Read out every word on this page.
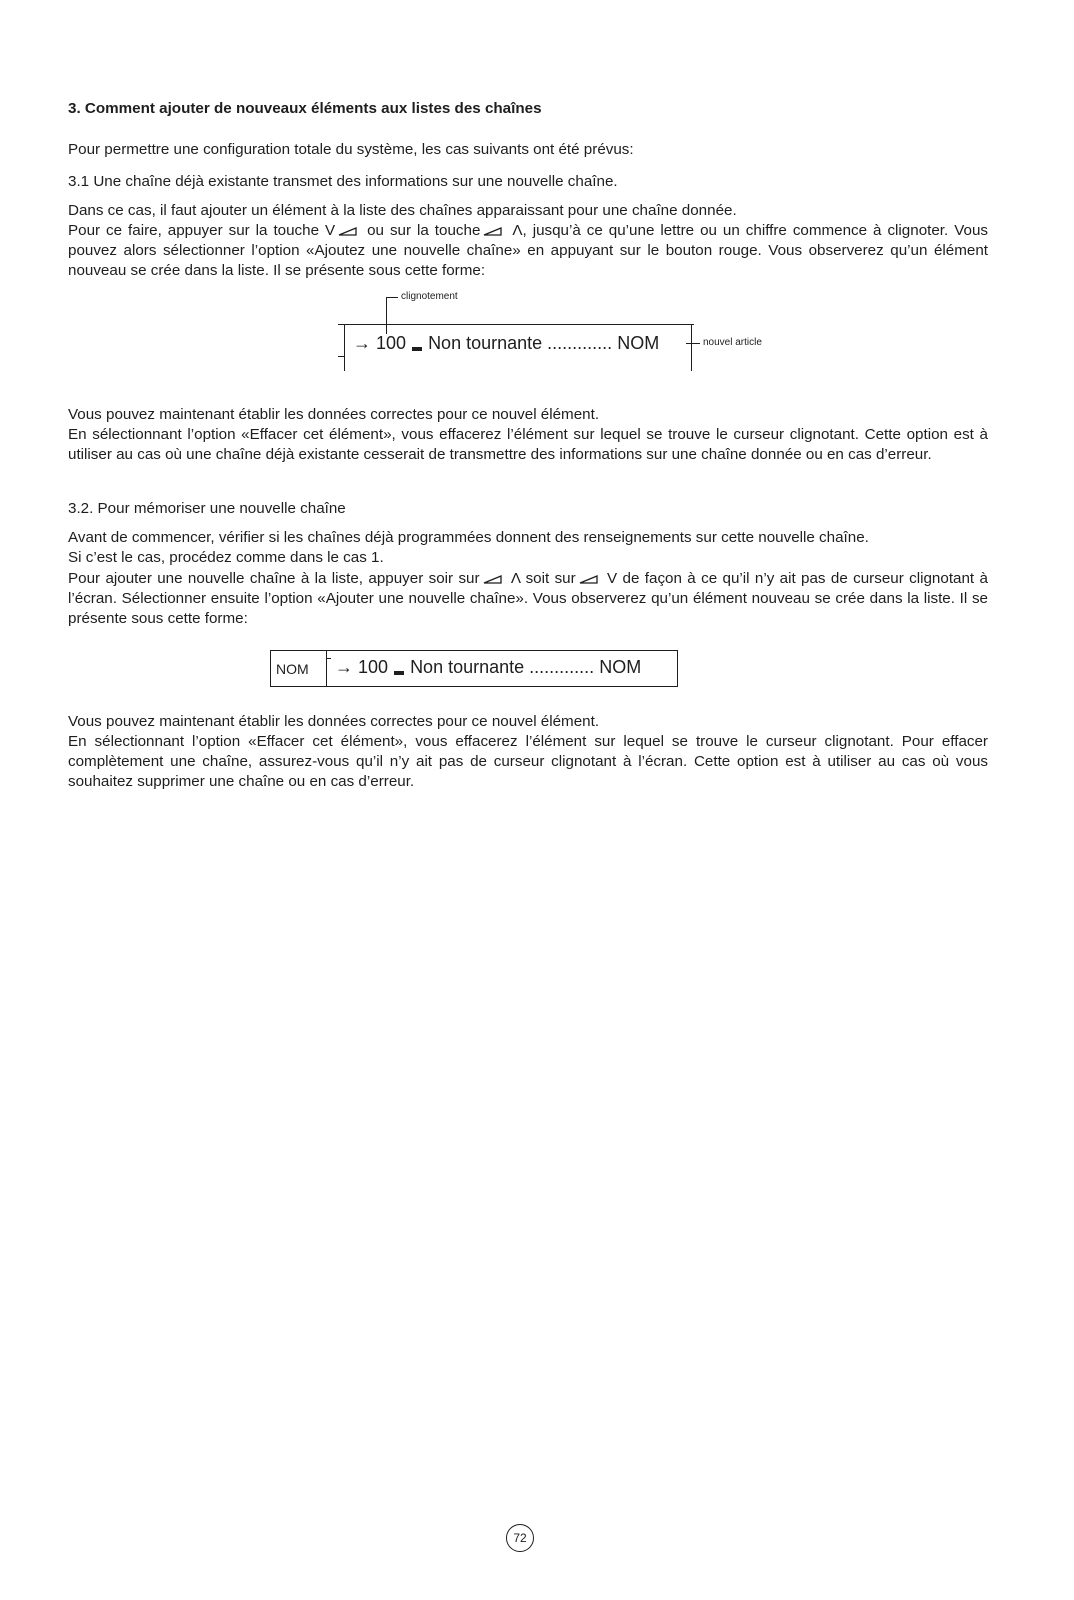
3. Comment ajouter de nouveaux éléments aux listes des chaînes

Pour permettre une configuration totale du système, les cas suivants ont été prévus:

3.1 Une chaîne déjà existante transmet des informations sur une nouvelle chaîne.

Dans ce cas, il faut ajouter un élément à la liste des chaînes apparaissant pour une chaîne donnée.

Pour ce faire, appuyer sur la touche V ou sur la touche Λ, jusqu’à ce qu’une lettre ou un chiffre commence à clignoter. Vous pouvez alors sélectionner l’option «Ajoutez une nouvelle chaîne» en appuyant sur le bouton rouge. Vous observerez qu’un élément nouveau se crée dans la liste. Il se présente sous cette forme:

clignotement
nouvel article
→ 100 Non tournante ............. NOM

Vous pouvez maintenant établir les données correctes pour ce nouvel élément.

En sélectionnant l’option «Effacer cet élément», vous effacerez l’élément sur lequel se trouve le curseur clignotant. Cette option est à utiliser au cas où une chaîne déjà existante cesserait de transmettre des informations sur une chaîne donnée ou en cas d’erreur.

3.2. Pour mémoriser une nouvelle chaîne

Avant de commencer, vérifier si les chaînes déjà programmées donnent des renseignements sur cette nouvelle chaîne.

Si c’est le cas, procédez comme dans le cas 1.

Pour ajouter une nouvelle chaîne à la liste, appuyer soir sur Λ soit sur V de façon à ce qu’il n’y ait pas de curseur clignotant à l’écran. Sélectionner ensuite l’option «Ajouter une nouvelle chaîne». Vous observerez qu’un élément nouveau se crée dans la liste. Il se présente sous cette forme:

NOM → 100 Non tournante ............. NOM

Vous pouvez maintenant établir les données correctes pour ce nouvel élément.

En sélectionnant l’option «Effacer cet élément», vous effacerez l’élément sur lequel se trouve le curseur clignotant. Pour effacer complètement une chaîne, assurez-vous qu’il n’y ait pas de curseur clignotant à l’écran. Cette option est à utiliser au cas où vous souhaitez supprimer une chaîne ou en cas d’erreur.

72
